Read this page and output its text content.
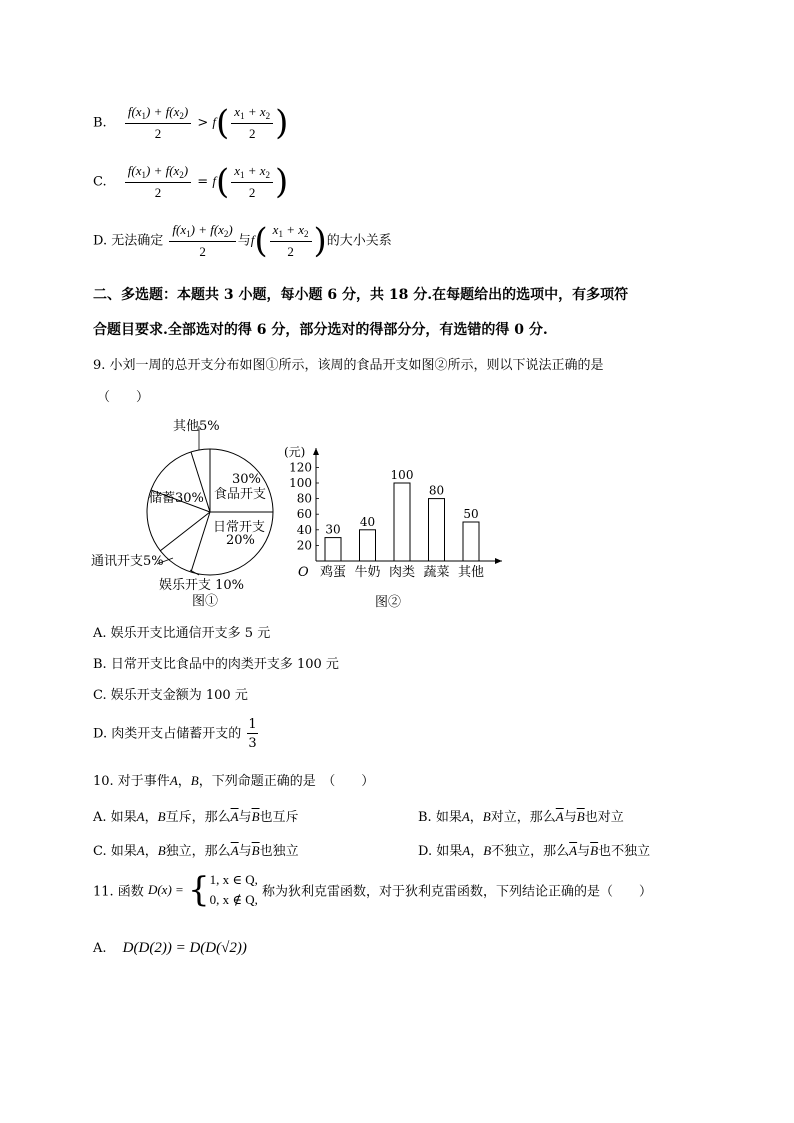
B. $\frac{f(x_1) + f(x_2)}{2} > f( \frac{x_1 + x_2}{2}$ )
C. $\frac{f(x_1) + f(x_2)}{2} = f( \frac{x_1 + x_2}{2}$ )
D. 无法确定 $\frac{f(x_1) + f(x_2)}{2}$ 与$f( \frac{x_1 + x_2}{2}$ )的大小关系
二、多选题：本题共 3 小题，每小题 6 分，共 18 分.在每题给出的选项中，有多项符
合题目要求.全部选对的得 6 分，部分选对的得部分分，有选错的得 0 分.
9. 小刘一周的总开支分布如图①所示，该周的食品开支如图②所示，则以下说法正确的是
（　　）
其他5%
30%
食品开支
储蓄30%
日常开支
20%
通讯开支5%
娱乐开支 10%
图①
(元)
O
20
40
60
80
100
120
30
鸡蛋
40
牛奶
100
肉类
80
蔬菜
50
其他
图②
A. 娱乐开支比通信开支多 5 元
B. 日常开支比食品中的肉类开支多 100 元
C. 娱乐开支金额为 100 元
D. 肉类开支占储蓄开支的 $\frac{1}{3}$
10. 对于事件A，B，下列命题正确的是　（　　）
A. 如果A，B互斥，那么$\overline{A}$与$\overline{B}$也互斥	B. 如果A，B对立，那么$\overline{A}$与$\overline{B}$也对立
C. 如果A，B独立，那么$\overline{A}$与$\overline{B}$也独立	D. 如果A，B不独立，那么$\overline{A}$与$\overline{B}$也不独立
11. 函数 D(x) = { 1, x ∈ Q,
0, x ∉ Q, 称为狄利克雷函数，对于狄利克雷函数，下列结论正确的是（　　）
A. D(D(2)) = D(D(√2))
